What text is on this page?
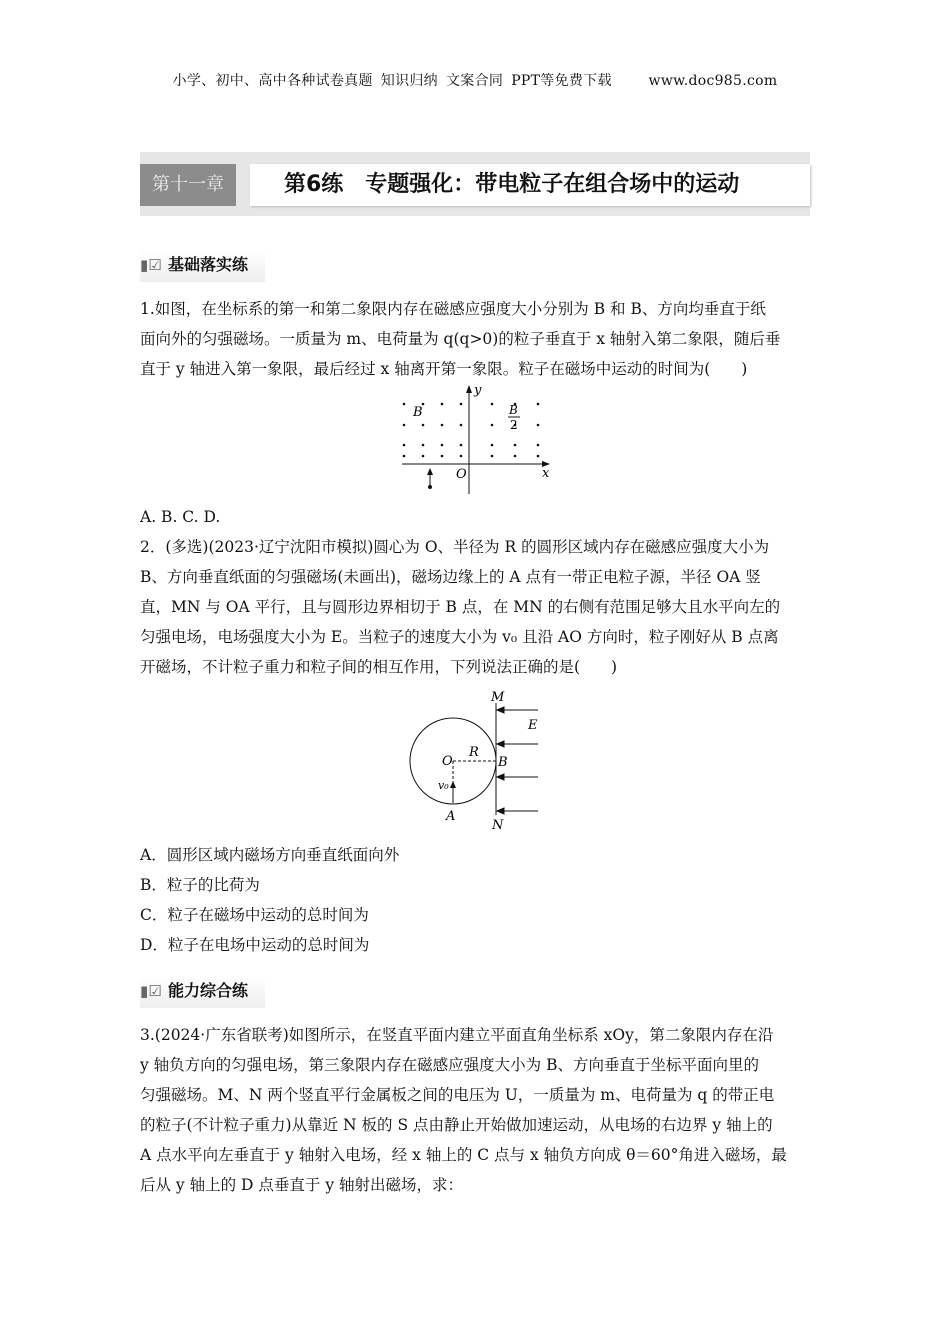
小学、初中、高中各种试卷真题 知识归纳 文案合同 PPT等免费下载	www.doc985.com
第十一章	第6练　专题强化：带电粒子在组合场中的运动
▮☑ 基础落实练
1.如图，在坐标系的第一和第二象限内存在磁感应强度大小分别为 B 和 B、方向均垂直于纸
面向外的匀强磁场。一质量为 m、电荷量为 q(q>0)的粒子垂直于 x 轴射入第二象限，随后垂
直于 y 轴进入第一象限，最后经过 x 轴离开第一象限。粒子在磁场中运动的时间为(　　)
B	B
2
O	x
y
A. B. C. D.
2．(多选)(2023·辽宁沈阳市模拟)圆心为 O、半径为 R 的圆形区域内存在磁感应强度大小为
B、方向垂直纸面的匀强磁场(未画出)，磁场边缘上的 A 点有一带正电粒子源，半径 OA 竖
直，MN 与 OA 平行，且与圆形边界相切于 B 点，在 MN 的右侧有范围足够大且水平向左的
匀强电场，电场强度大小为 E。当粒子的速度大小为 v₀ 且沿 AO 方向时，粒子刚好从 B 点离
开磁场，不计粒子重力和粒子间的相互作用，下列说法正确的是(　　)
M
N
E
O
R
B
A
v₀
A．圆形区域内磁场方向垂直纸面向外
B．粒子的比荷为
C．粒子在磁场中运动的总时间为
D．粒子在电场中运动的总时间为
▮☑ 能力综合练
3.(2024·广东省联考)如图所示，在竖直平面内建立平面直角坐标系 xOy，第二象限内存在沿
y 轴负方向的匀强电场，第三象限内存在磁感应强度大小为 B、方向垂直于坐标平面向里的
匀强磁场。M、N 两个竖直平行金属板之间的电压为 U，一质量为 m、电荷量为 q 的带正电
的粒子(不计粒子重力)从靠近 N 板的 S 点由静止开始做加速运动，从电场的右边界 y 轴上的
A 点水平向左垂直于 y 轴射入电场，经 x 轴上的 C 点与 x 轴负方向成 θ＝60°角进入磁场，最
后从 y 轴上的 D 点垂直于 y 轴射出磁场，求：
